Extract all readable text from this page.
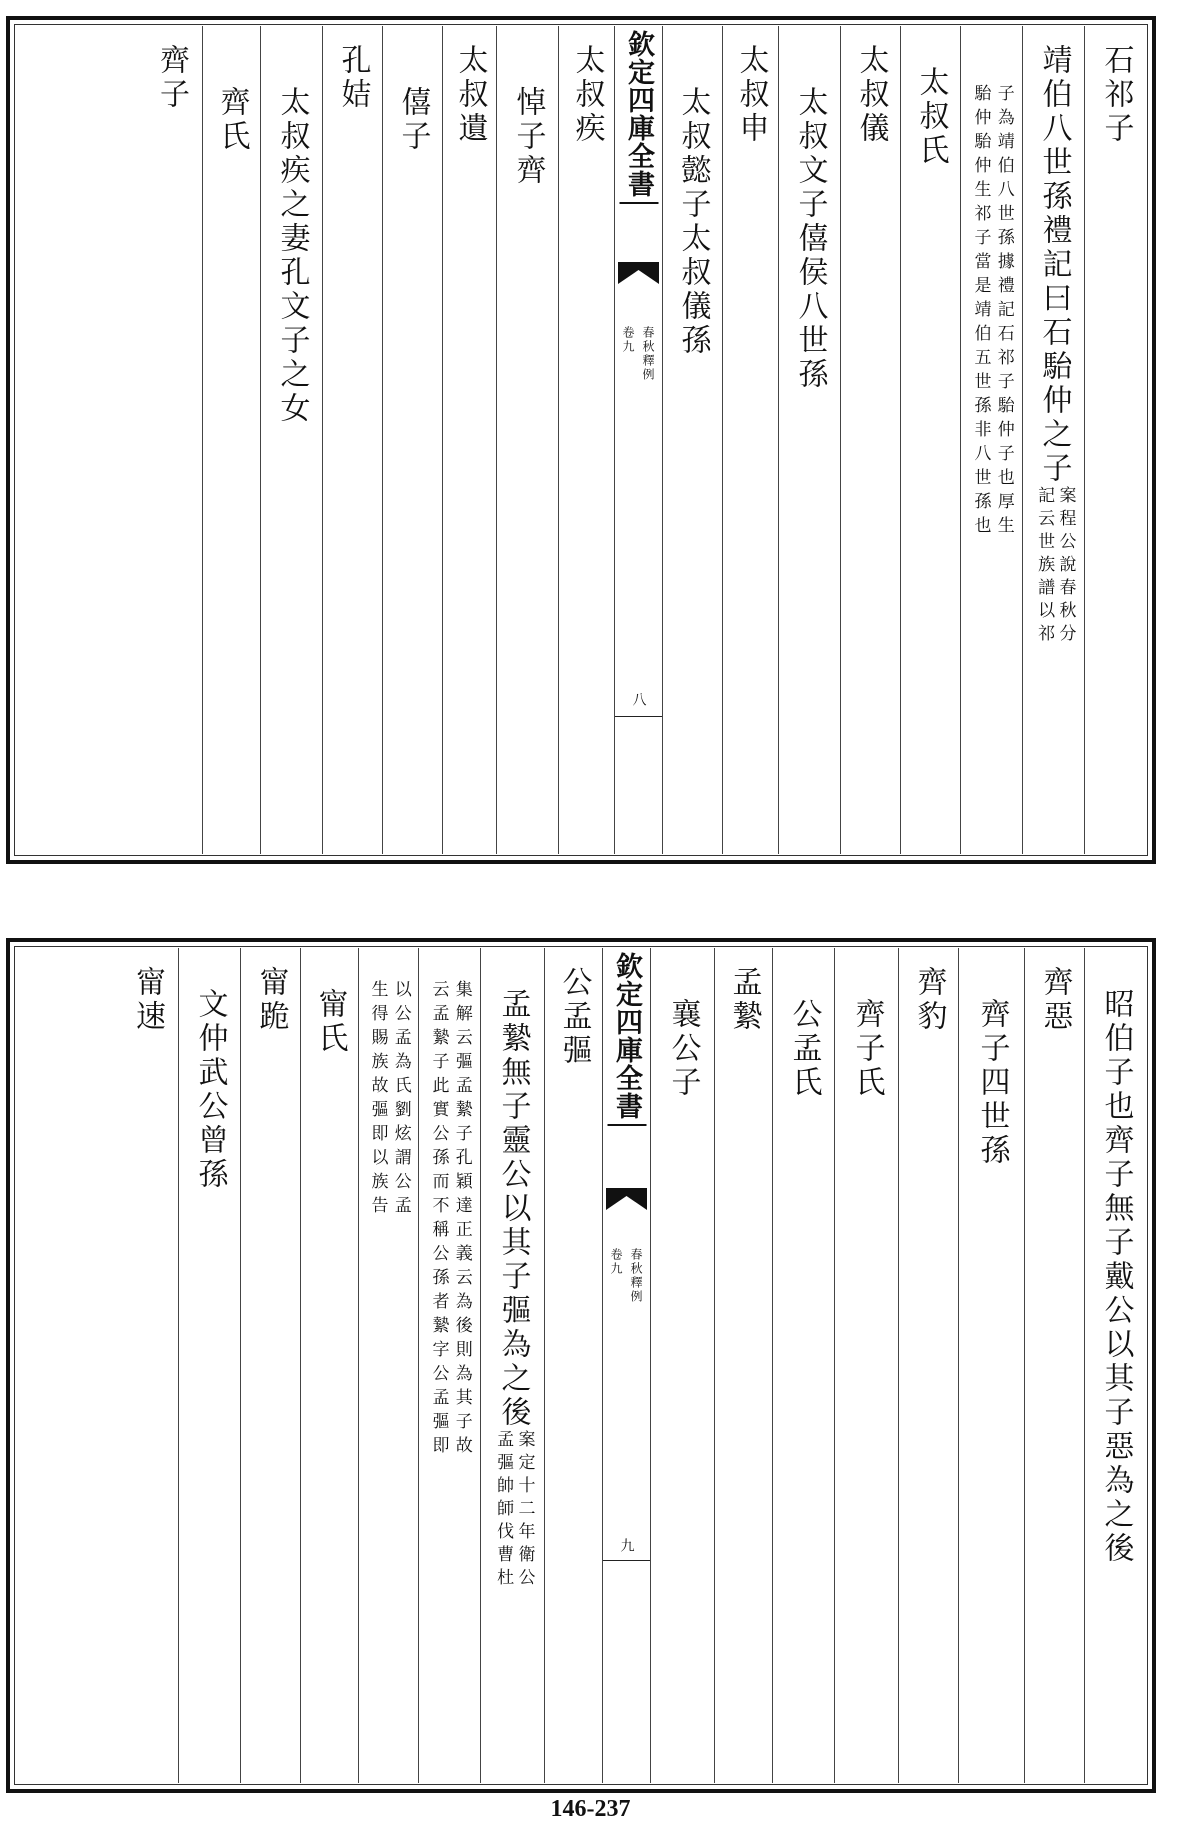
石祁子
靖伯八世孫禮記曰石駘仲之子
案程公說春秋分
記云世族譜以祁
子為靖伯八世孫據禮記石祁子駘仲子也厚生
駘仲駘仲生祁子當是靖伯五世孫非八世孫也
太叔氏
太叔儀
太叔文子僖侯八世孫
太叔申
太叔懿子太叔儀孫
欽定四庫全書
春秋釋例
卷九
八
太叔疾
悼子齊
太叔遺
僖子
孔姞
太叔疾之妻孔文子之女
齊氏
齊子
昭伯子也齊子無子戴公以其子惡為之後
齊惡
齊子四世孫
齊豹
齊子氏
公孟氏
孟縶
襄公子
欽定四庫全書
春秋釋例
卷九
九
公孟彄
孟縶無子靈公以其子彄為之後
案定十二年衛公
孟彄帥師伐曹杜
集解云彄孟縶子孔穎達正義云為後則為其子故
云孟縶子此實公孫而不稱公孫者縶字公孟彄即
以公孟為氏劉炫謂公孟
生得賜族故彄即以族告
甯氏
甯跪
文仲武公曾孫
甯速
146-237
